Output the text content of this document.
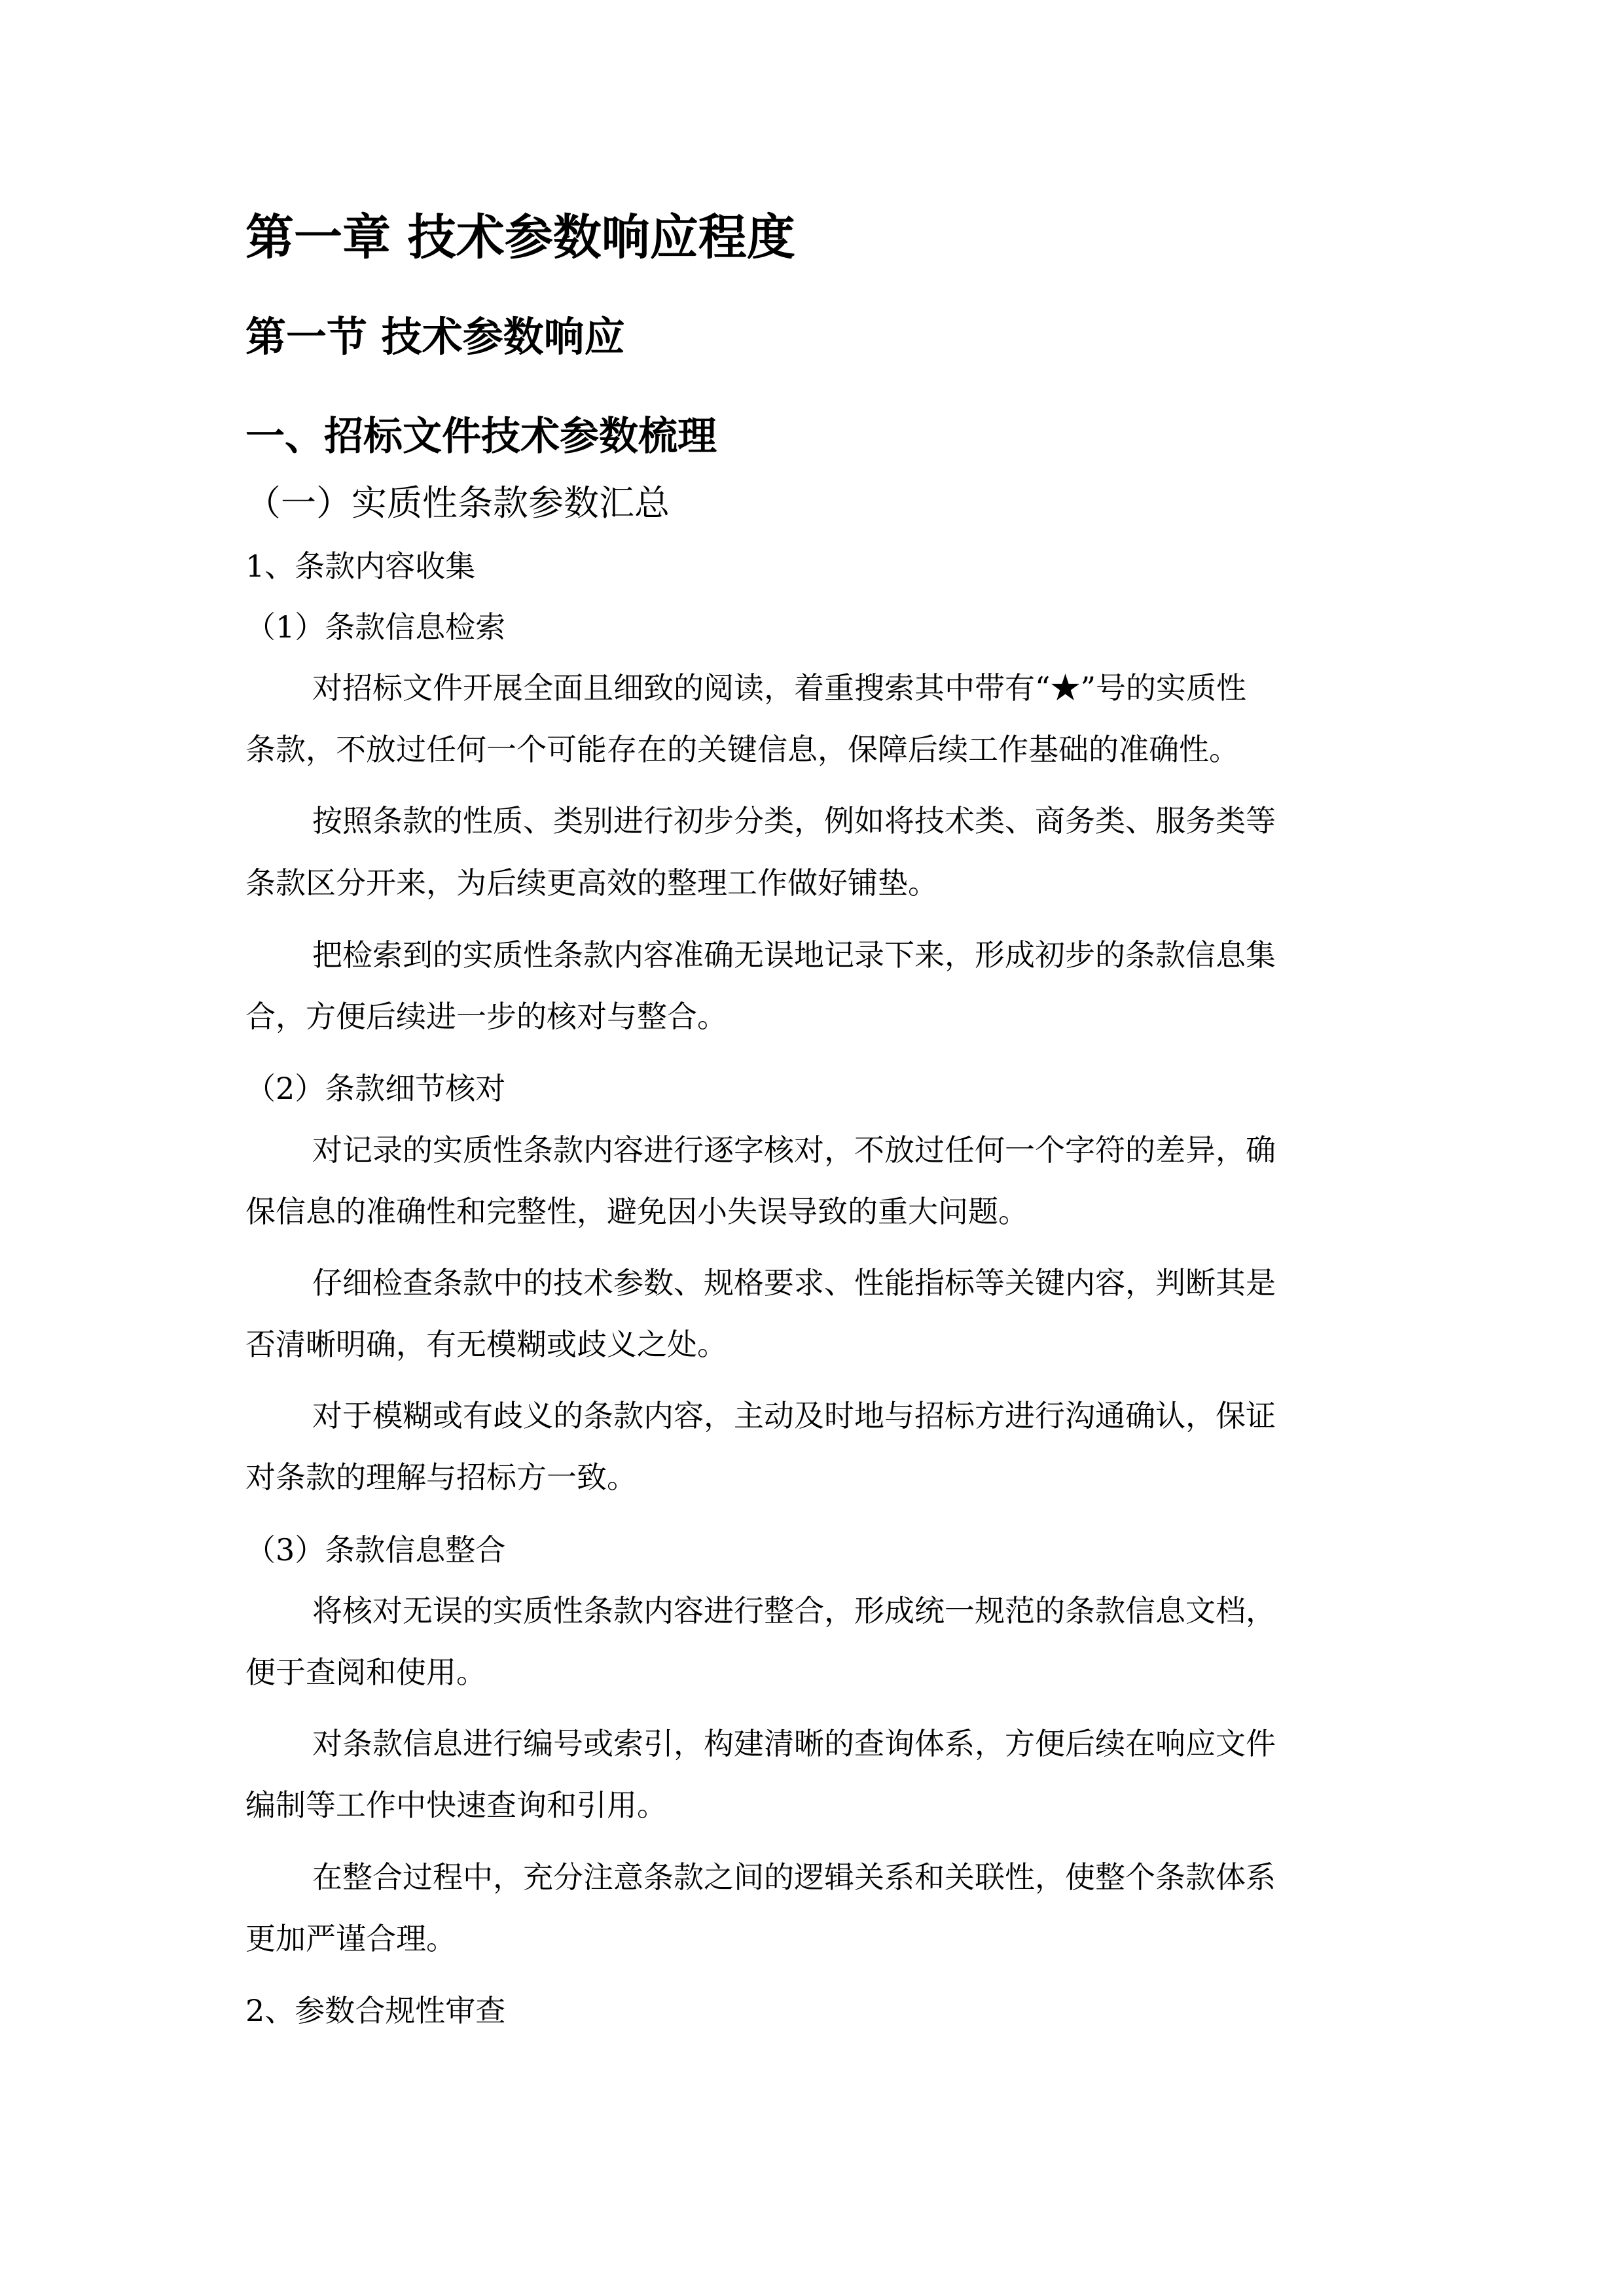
第一章 技术参数响应程度
第一节 技术参数响应
一、招标文件技术参数梳理
（一）实质性条款参数汇总
1、条款内容收集
（1）条款信息检索
对招标文件开展全面且细致的阅读，着重搜索其中带有“★”号的实质性
条款，不放过任何一个可能存在的关键信息，保障后续工作基础的准确性。
按照条款的性质、类别进行初步分类，例如将技术类、商务类、服务类等
条款区分开来，为后续更高效的整理工作做好铺垫。
把检索到的实质性条款内容准确无误地记录下来，形成初步的条款信息集
合，方便后续进一步的核对与整合。
（2）条款细节核对
对记录的实质性条款内容进行逐字核对，不放过任何一个字符的差异，确
保信息的准确性和完整性，避免因小失误导致的重大问题。
仔细检查条款中的技术参数、规格要求、性能指标等关键内容，判断其是
否清晰明确，有无模糊或歧义之处。
对于模糊或有歧义的条款内容，主动及时地与招标方进行沟通确认，保证
对条款的理解与招标方一致。
（3）条款信息整合
将核对无误的实质性条款内容进行整合，形成统一规范的条款信息文档，
便于查阅和使用。
对条款信息进行编号或索引，构建清晰的查询体系，方便后续在响应文件
编制等工作中快速查询和引用。
在整合过程中，充分注意条款之间的逻辑关系和关联性，使整个条款体系
更加严谨合理。
2、参数合规性审查
